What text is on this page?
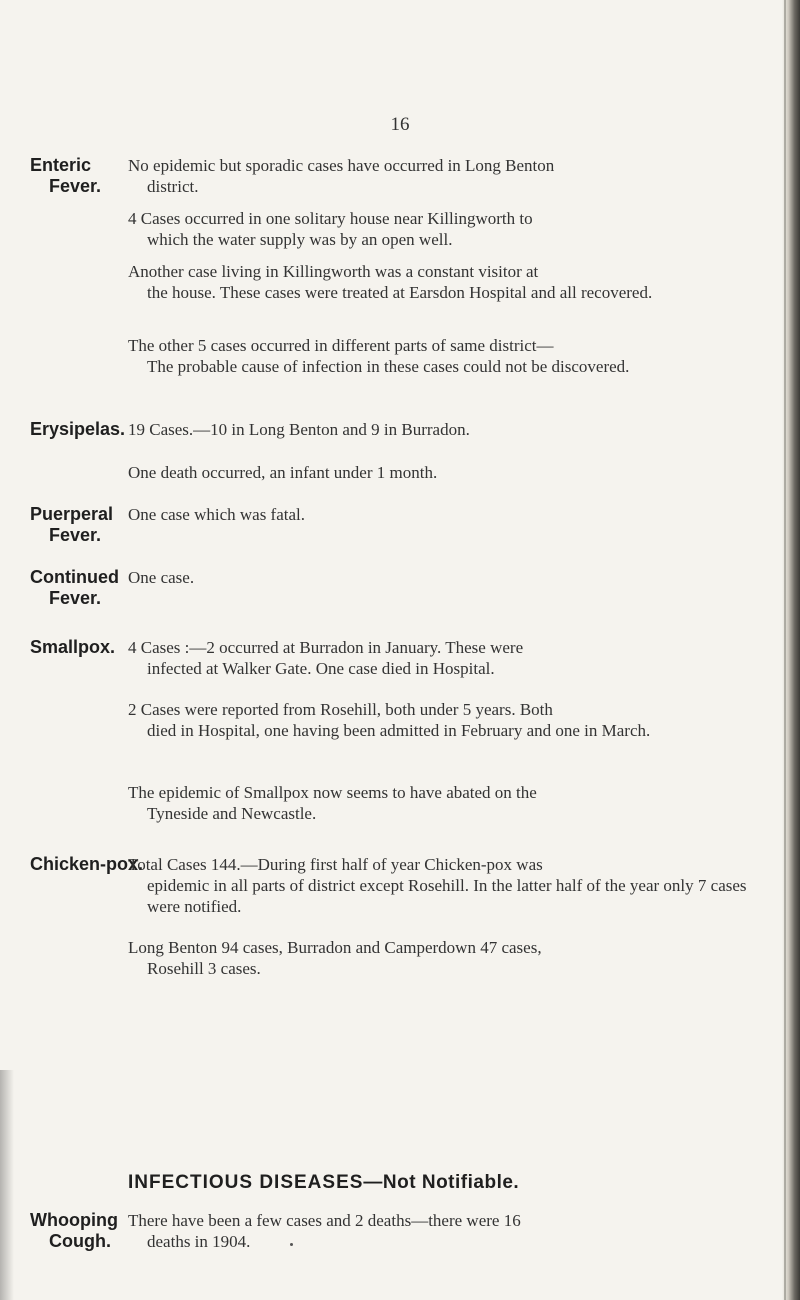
16
Enteric
Fever.
No epidemic but sporadic cases have occurred in Long Benton
district.
4 Cases occurred in one solitary house near Killingworth to
which the water supply was by an open well.
Another case living in Killingworth was a constant visitor at
the house. These cases were treated at Earsdon Hospital and all recovered.
The other 5 cases occurred in different parts of same district—
The probable cause of infection in these cases could not be discovered.
Erysipelas. 19 Cases.—10 in Long Benton and 9 in Burradon.
One death occurred, an infant under 1 month.
Puerperal
Fever.
One case which was fatal.
Continued
Fever.
One case.
Smallpox. 4 Cases :—2 occurred at Burradon in January. These were
infected at Walker Gate. One case died in Hospital.
2 Cases were reported from Rosehill, both under 5 years. Both
died in Hospital, one having been admitted in February and one in March.
The epidemic of Smallpox now seems to have abated on the
Tyneside and Newcastle.
Chicken-pox.
Total Cases 144.—During first half of year Chicken-pox was
epidemic in all parts of district except Rosehill. In the latter half of the year only 7 cases were notified.
Long Benton 94 cases, Burradon and Camperdown 47 cases,
Rosehill 3 cases.
INFECTIOUS DISEASES—Not Notifiable.
Whooping
Cough.
There have been a few cases and 2 deaths—there were 16
deaths in 1904.
